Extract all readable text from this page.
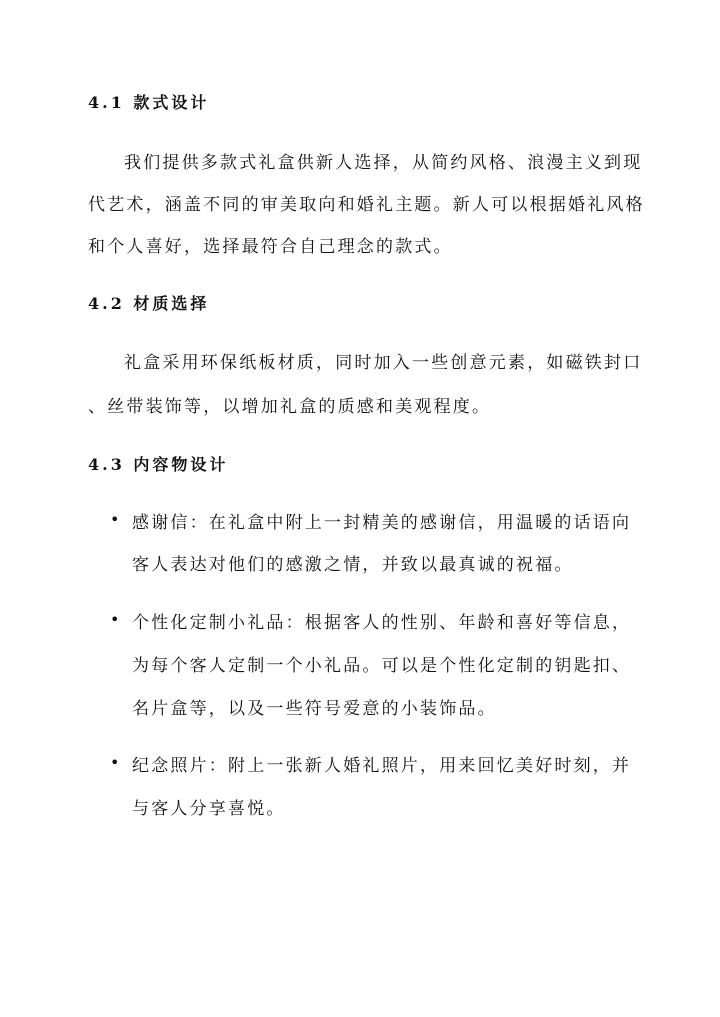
4.1 款式设计
我们提供多款式礼盒供新人选择，从简约风格、浪漫主义到现
代艺术，涵盖不同的审美取向和婚礼主题。新人可以根据婚礼风格
和个人喜好，选择最符合自己理念的款式。
4.2 材质选择
礼盒采用环保纸板材质，同时加入一些创意元素，如磁铁封口
、丝带装饰等，以增加礼盒的质感和美观程度。
4.3 内容物设计
• 感谢信：在礼盒中附上一封精美的感谢信，用温暖的话语向
客人表达对他们的感激之情，并致以最真诚的祝福。
• 个性化定制小礼品：根据客人的性别、年龄和喜好等信息，
为每个客人定制一个小礼品。可以是个性化定制的钥匙扣、
名片盒等，以及一些符号爱意的小装饰品。
• 纪念照片：附上一张新人婚礼照片，用来回忆美好时刻，并
与客人分享喜悦。
